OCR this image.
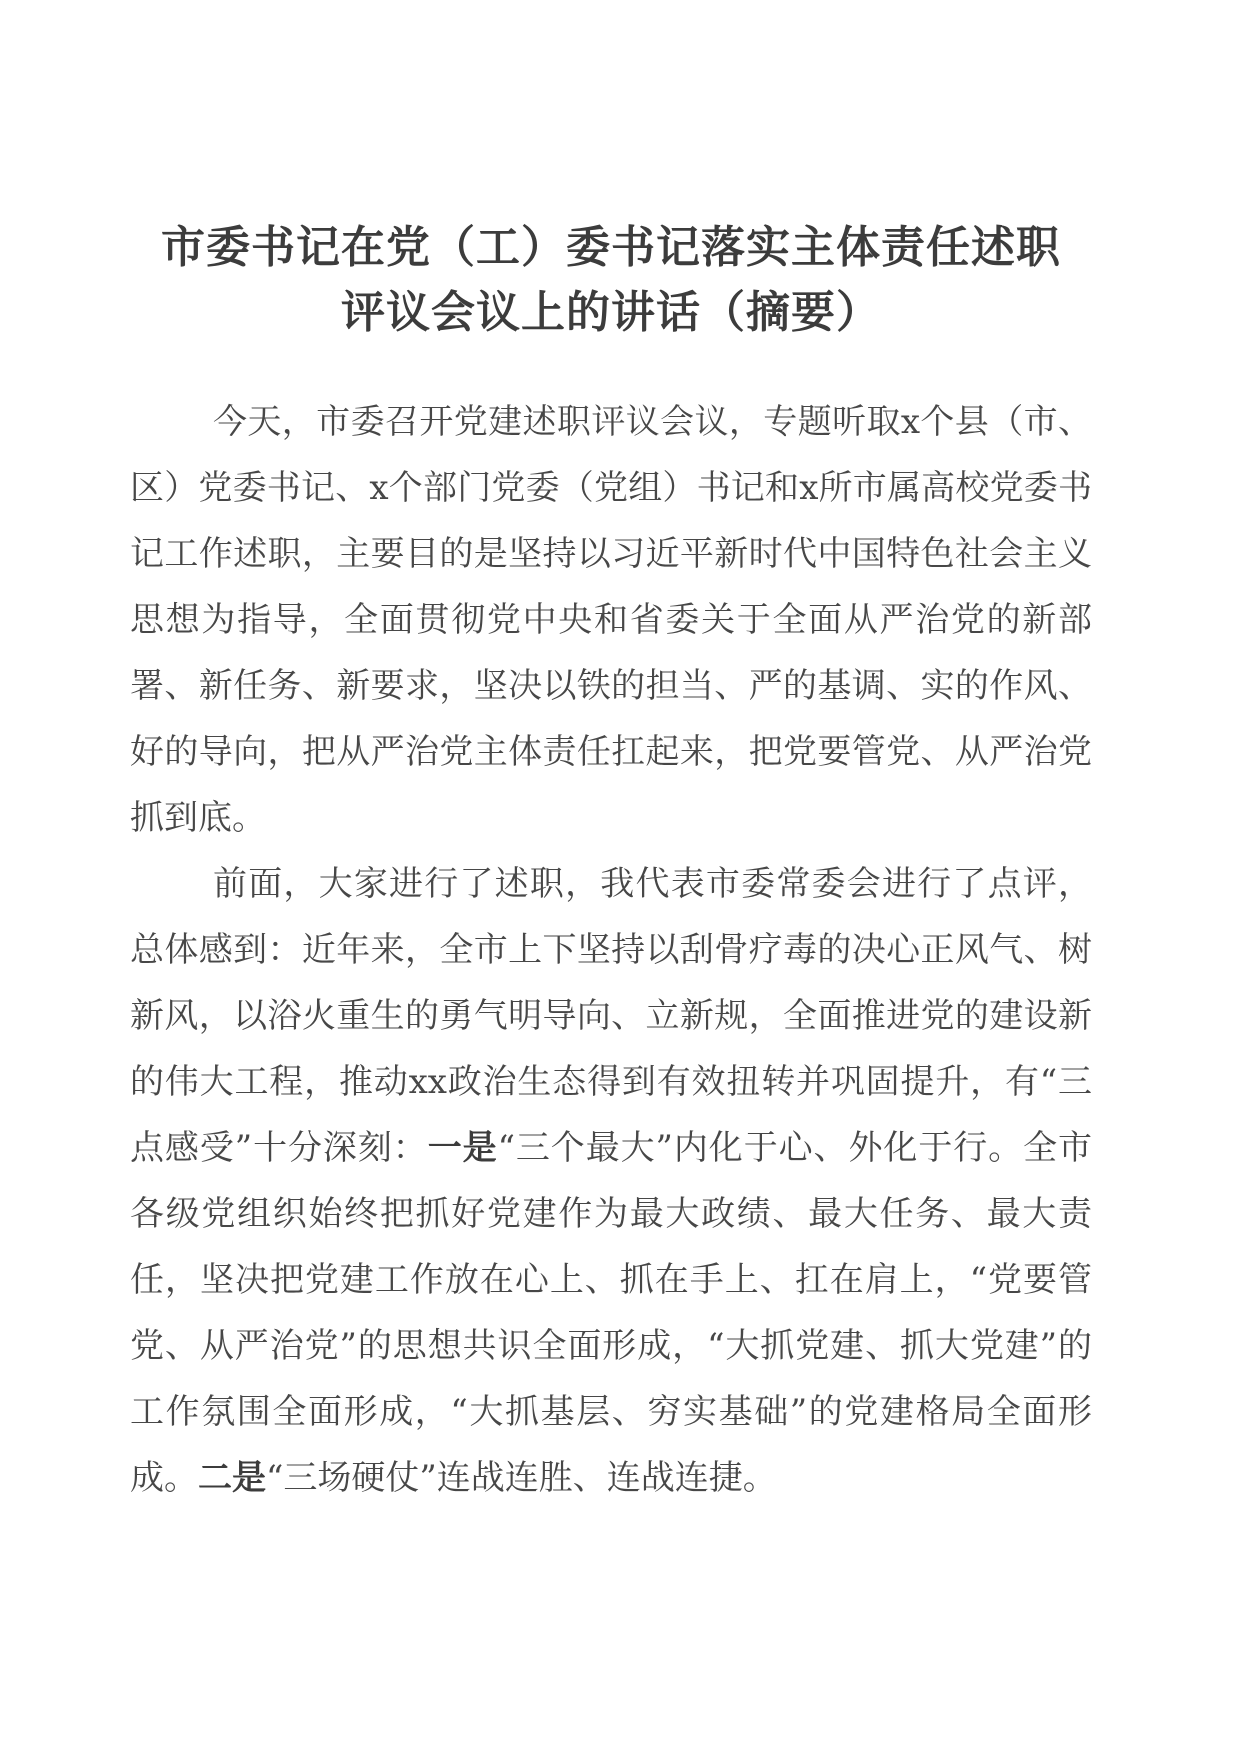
市委书记在党（工）委书记落实主体责任述职
评议会议上的讲话（摘要）

今天，市委召开党建述职评议会议，专题听取x个县（市、区）党委书记、x个部门党委（党组）书记和x所市属高校党委书记工作述职，主要目的是坚持以习近平新时代中国特色社会主义思想为指导，全面贯彻党中央和省委关于全面从严治党的新部署、新任务、新要求，坚决以铁的担当、严的基调、实的作风、好的导向，把从严治党主体责任扛起来，把党要管党、从严治党抓到底。

前面，大家进行了述职，我代表市委常委会进行了点评，总体感到：近年来，全市上下坚持以刮骨疗毒的决心正风气、树新风，以浴火重生的勇气明导向、立新规，全面推进党的建设新的伟大工程，推动xx政治生态得到有效扭转并巩固提升，有“三点感受”十分深刻：一是“三个最大”内化于心、外化于行。全市各级党组织始终把抓好党建作为最大政绩、最大任务、最大责任，坚决把党建工作放在心上、抓在手上、扛在肩上，“党要管党、从严治党”的思想共识全面形成，“大抓党建、抓大党建”的工作氛围全面形成，“大抓基层、穷实基础”的党建格局全面形成。二是“三场硬仗”连战连胜、连战连捷。
